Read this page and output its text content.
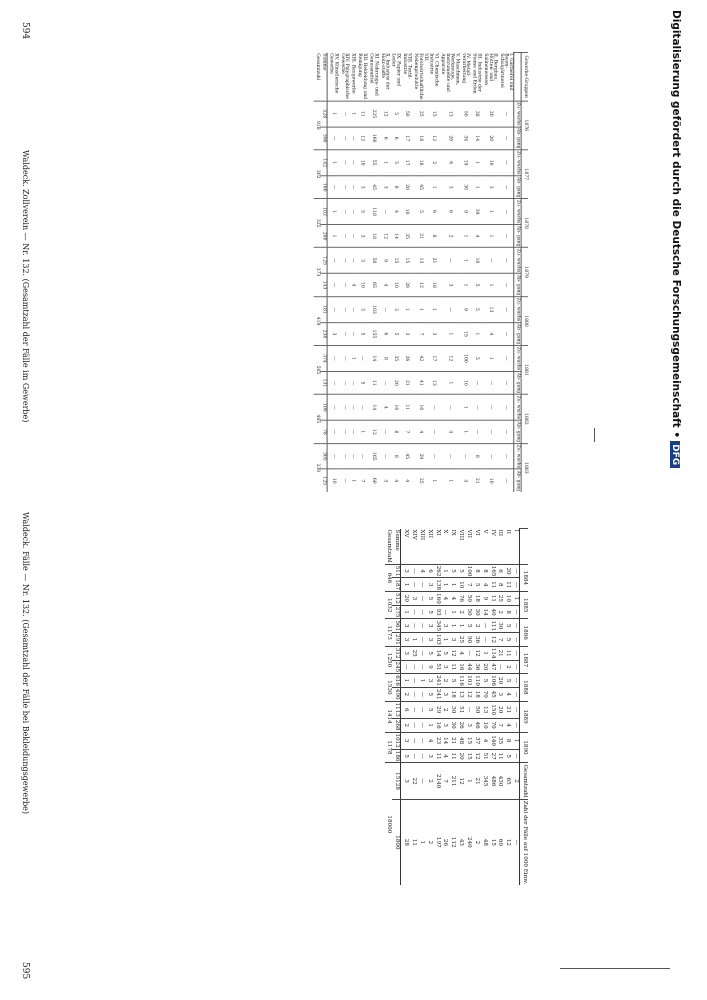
594
Waldeck. Zollverein — Nr. 132. (Gesamtzahl der Fälle im Gewerbe)
Waldeck. Fälle — Nr. 132. (Gesamtzahl der Fälle bei Bekleidungsgewerbe)
595
Gewerbe-Gruppen	1876		1877		1878		1879		1880		1881		1882		1883	
	Zu- wachs	Ab- gang	Zu- wachs	Ab- gang	Zu- wachs	Ab- gang	Zu- wachs	Ab- gang	Zu- wachs	Ab- gang	Zu- wachs	Ab- gang	Zu- wachs	Ab- gang	Zu- wachs	Ab- gang
I. Gärtnerei und Baum-Schulgärtnerei	—	—	—	—	—	—	—	—	—	—	—	—	—	—	—	—
II. Bergbau, Hütten- und Salinenwesen	20	20	10	3	1	1	—	1	13	4	1	—	—	—	—	10
III. Industrie der Steine und Erden	28	14	1	1	39	4	10	5	5	1	5	—	—	—	8	21
IV. Metall-verarbeitung	50	34	19	30	9	1	1	1	9	15	100	10	1	1	—	4
V. Maschinen, Werkzeuge, Instrumente und Apparate	13	20	6	3	6	2	—	3	—	1	12	1	—	4	—	1
VI. Chemische Industrie	15	12	2	1	6	8	21	18	1	3	17	13	—	—	—	1
VII. Forstwirtschaftliche Nebenprodukte	25	18	18	45	5	21	13	12	1	7	42	41	10	4	29	25
VIII. Textil-Industrie	50	17	17	20	10	35	15	20	1	3	26	21	11	7	45	4
IX. Papier und Leder	5	6	5	8	4	14	15	10	3	5	35	20	10	8	8	4
X. Industrie der Holz-stoffe	12	6	1	3	—	12	9	4	—	6	8	—	4	—	—	3
XI. Nahrungs- und Genussmittel	225	160	55	45	118	18	50	65	103	155	14	11	14	12	165	60
XII. Bekleidung und Reinigung	11	12	10	3	5	3	3	10	3	5	—	5	—	1	—	7
XIII. Baugewerbe	1	—	—	—	—	—	—	4	—	—	1	—	—	—	—	1
XIV. Polygraphische Gewerbe	—	—	—	—	—	—	—	—	—	—	—	—	—	—	—	—
XV. Künstlerische Gewerbe	1	—	1	—	1	1	—	—	—	3	—	—	—	—	—	10
Summe	528	390	142	160	102	200	125	143	181	238	374	131	100	78	305	125
Gesamtzahl	918		302		325		373		419		505		405		230	
	1884		1885		1886		1887		1888		1889		1890		Gesamtzahl	Zahl der Fälle auf 1000 Einw.
I	—	—	1	—	—	—	—	—	—	—	—	—	1	—	2	—
II	20	11	10	8	5	5	11	2	5	4	21	4	8	5	65	12
III	6	8	25	2	30	7	21	—	20	3	20	7	35	11	430	60
IV	165	11	11	40	111	12	114	47	106	45	150	70	140	27	486	15
V	8	4	9	14	—	—	1	20	5	70	13	10	4	51	345	48
VI	8	5	18	30	2	36	12	36	110	18	50	46	37	12	21	2
VII	100	7	50	50	5	90	—	44	101	12	—	3	15	15	1	240
VIII	5	10	76	2	1	25	4	16	116	13	51	26	48	20	12	43
IX	5	1	4	1	1	3	12	11	5	18	30	30	21	11	211	112
X	1	1	4	—	3	1	5	3	2	3	2	3	14	4	7	26
XI	262	138	160	93	345	103	14	51	241	241	29	16	23	11	2140	197
XII	6	3	5	5	3	3	5	9	3	5	5	1	4	3	2	2
XIII	4	—	—	—	—	—	—	—	1	—	—	—	—	—	—	1
XIV	—	—	3	—	—	1	25	—	—	—	—	—	—	—	22	11
XV	3	1	20	1	3	3	3	—	1	2	6	2	3	5	3	28
Summe	511	187	512	275	561	291	312	245	616	490	1113	268	1012	186	15128	1800
Gesamtzahl	646		1032		1173		1250		1530		1414		1178		18000	
Digitalisierung gefördert durch die Deutsche Forschungsgemeinschaft •DFG
